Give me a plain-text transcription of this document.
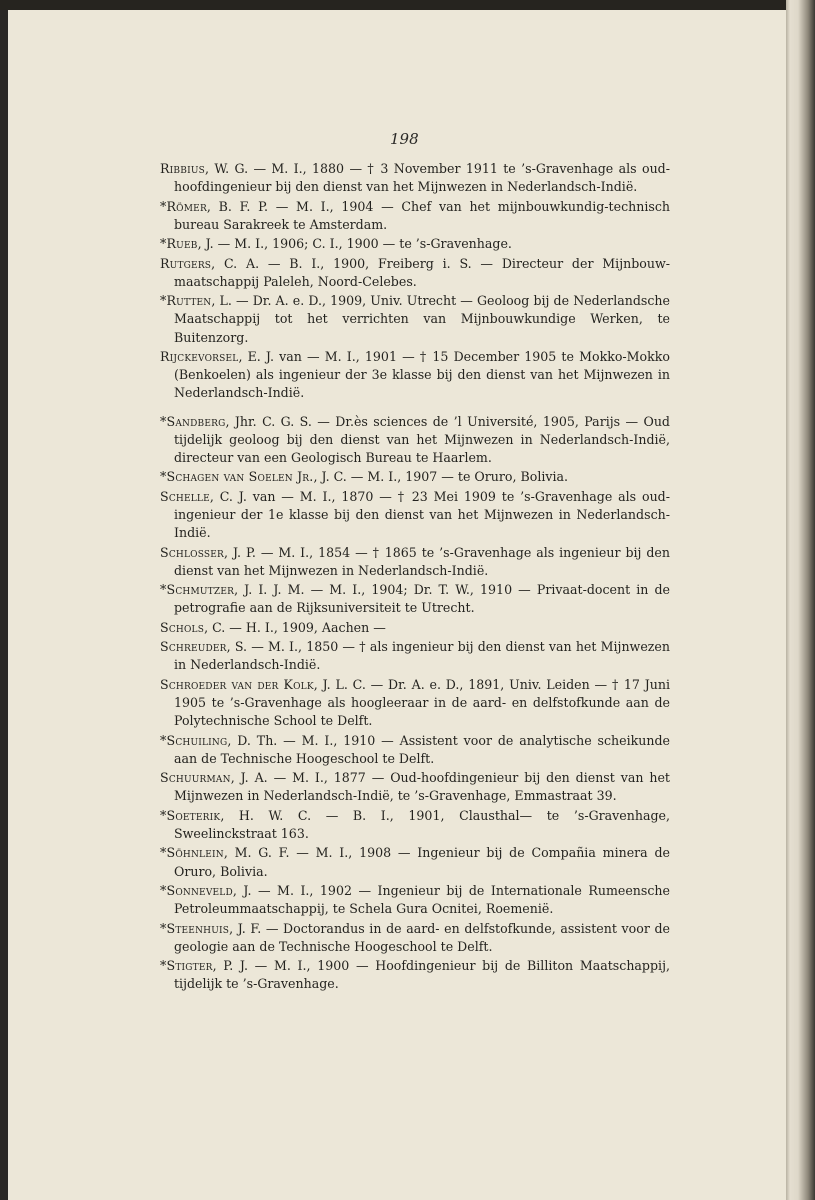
198

Ribbius, W. G. — M. I., 1880 — † 3 November 1911 te ’s-Gravenhage als oud-hoofdingenieur bij den dienst van het Mijnwezen in Nederlandsch-Indië.

*Römer, B. F. P. — M. I., 1904 — Chef van het mijnbouwkundig-technisch bureau Sarakreek te Amsterdam.

*Rueb, J. — M. I., 1906; C. I., 1900 — te ’s-Gravenhage.

Rutgers, C. A. — B. I., 1900, Freiberg i. S. — Directeur der Mijnbouw-maatschappij Paleleh, Noord-Celebes.

*Rutten, L. — Dr. A. e. D., 1909, Univ. Utrecht — Geoloog bij de Nederlandsche Maatschappij tot het verrichten van Mijnbouwkundige Werken, te Buitenzorg.

Rijckevorsel, E. J. van — M. I., 1901 — † 15 December 1905 te Mokko-Mokko (Benkoelen) als ingenieur der 3e klasse bij den dienst van het Mijnwezen in Nederlandsch-Indië.

*Sandberg, Jhr. C. G. S. — Dr.ès sciences de ’l Université, 1905, Parijs — Oud tijdelijk geoloog bij den dienst van het Mijnwezen in Nederlandsch-Indië, directeur van een Geologisch Bureau te Haarlem.

*Schagen van Soelen Jr., J. C. — M. I., 1907 — te Oruro, Bolivia.

Schelle, C. J. van — M. I., 1870 — † 23 Mei 1909 te ’s-Gravenhage als oud-ingenieur der 1e klasse bij den dienst van het Mijnwezen in Nederlandsch-Indië.

Schlosser, J. P. — M. I., 1854 — † 1865 te ’s-Gravenhage als ingenieur bij den dienst van het Mijnwezen in Nederlandsch-Indië.

*Schmutzer, J. I. J. M. — M. I., 1904; Dr. T. W., 1910 — Privaat-docent in de petrografie aan de Rijksuniversiteit te Utrecht.

Schols, C. — H. I., 1909, Aachen —

Schreuder, S. — M. I., 1850 — † als ingenieur bij den dienst van het Mijnwezen in Nederlandsch-Indië.

Schroeder van der Kolk, J. L. C. — Dr. A. e. D., 1891, Univ. Leiden — † 17 Juni 1905 te ’s-Gravenhage als hoogleeraar in de aard- en delfstofkunde aan de Polytechnische School te Delft.

*Schuiling, D. Th. — M. I., 1910 — Assistent voor de analytische scheikunde aan de Technische Hoogeschool te Delft.

Schuurman, J. A. — M. I., 1877 — Oud-hoofdingenieur bij den dienst van het Mijnwezen in Nederlandsch-Indië, te ’s-Gravenhage, Emmastraat 39.

*Soeterik, H. W. C. — B. I., 1901, Clausthal— te ’s-Gravenhage, Sweelinckstraat 163.

*Söhnlein, M. G. F. — M. I., 1908 — Ingenieur bij de Compañia minera de Oruro, Bolivia.

*Sonneveld, J. — M. I., 1902 — Ingenieur bij de Internationale Rumeensche Petroleummaatschappij, te Schela Gura Ocnitei, Roemenië.

*Steenhuis, J. F. — Doctorandus in de aard- en delfstofkunde, assistent voor de geologie aan de Technische Hoogeschool te Delft.

*Stigter, P. J. — M. I., 1900 — Hoofdingenieur bij de Billiton Maatschappij, tijdelijk te ’s-Gravenhage.
